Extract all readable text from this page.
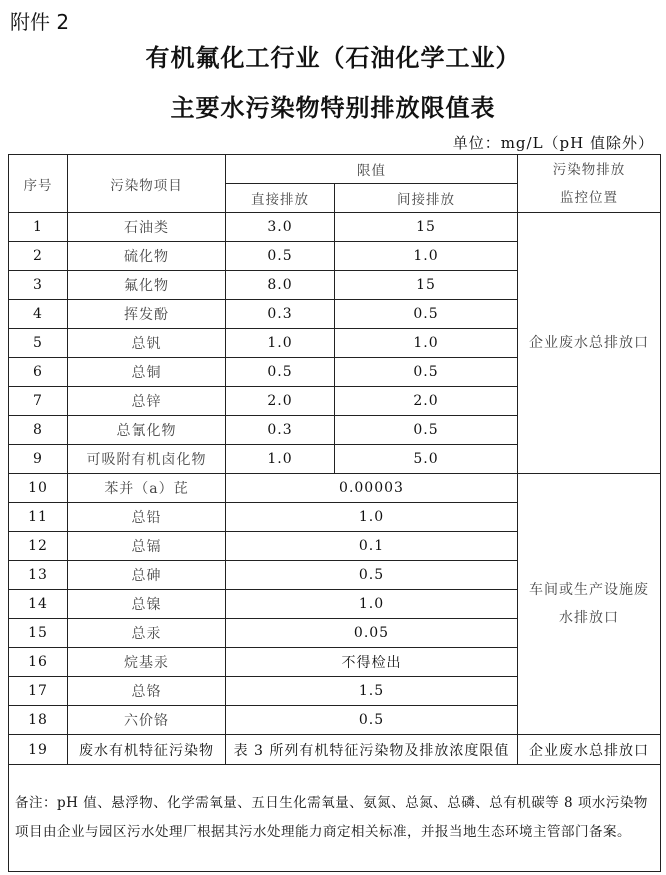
附件 2
有机氟化工行业（石油化学工业）
主要水污染物特别排放限值表
单位：mg/L（pH 值除外）
序号	污染物项目	限值		污染物排放
监控位置

		直接排放	间接排放	
1	石油类	3.0	15	企业废水总排放口
2	硫化物	0.5	1.0	
3	氟化物	8.0	15	
4	挥发酚	0.3	0.5	
5	总钒	1.0	1.0	
6	总铜	0.5	0.5	
7	总锌	2.0	2.0	
8	总氰化物	0.3	0.5	
9	可吸附有机卤化物	1.0	5.0	
10	苯并（a）芘	0.00003		车间或生产设施废
水排放口

11	总铅	1.0		
12	总镉	0.1		
13	总砷	0.5		
14	总镍	1.0		
15	总汞	0.05		
16	烷基汞	不得检出		
17	总铬	1.5		
18	六价铬	0.5		
19	废水有机特征污染物	表 3 所列有机特征污染物及排放浓度限值		企业废水总排放口
备注：pH 值、悬浮物、化学需氧量、五日生化需氧量、氨氮、总氮、总磷、总有机碳等 8 项水污染物项目由企业与园区污水处理厂根据其污水处理能力商定相关标准，并报当地生态环境主管部门备案。				
